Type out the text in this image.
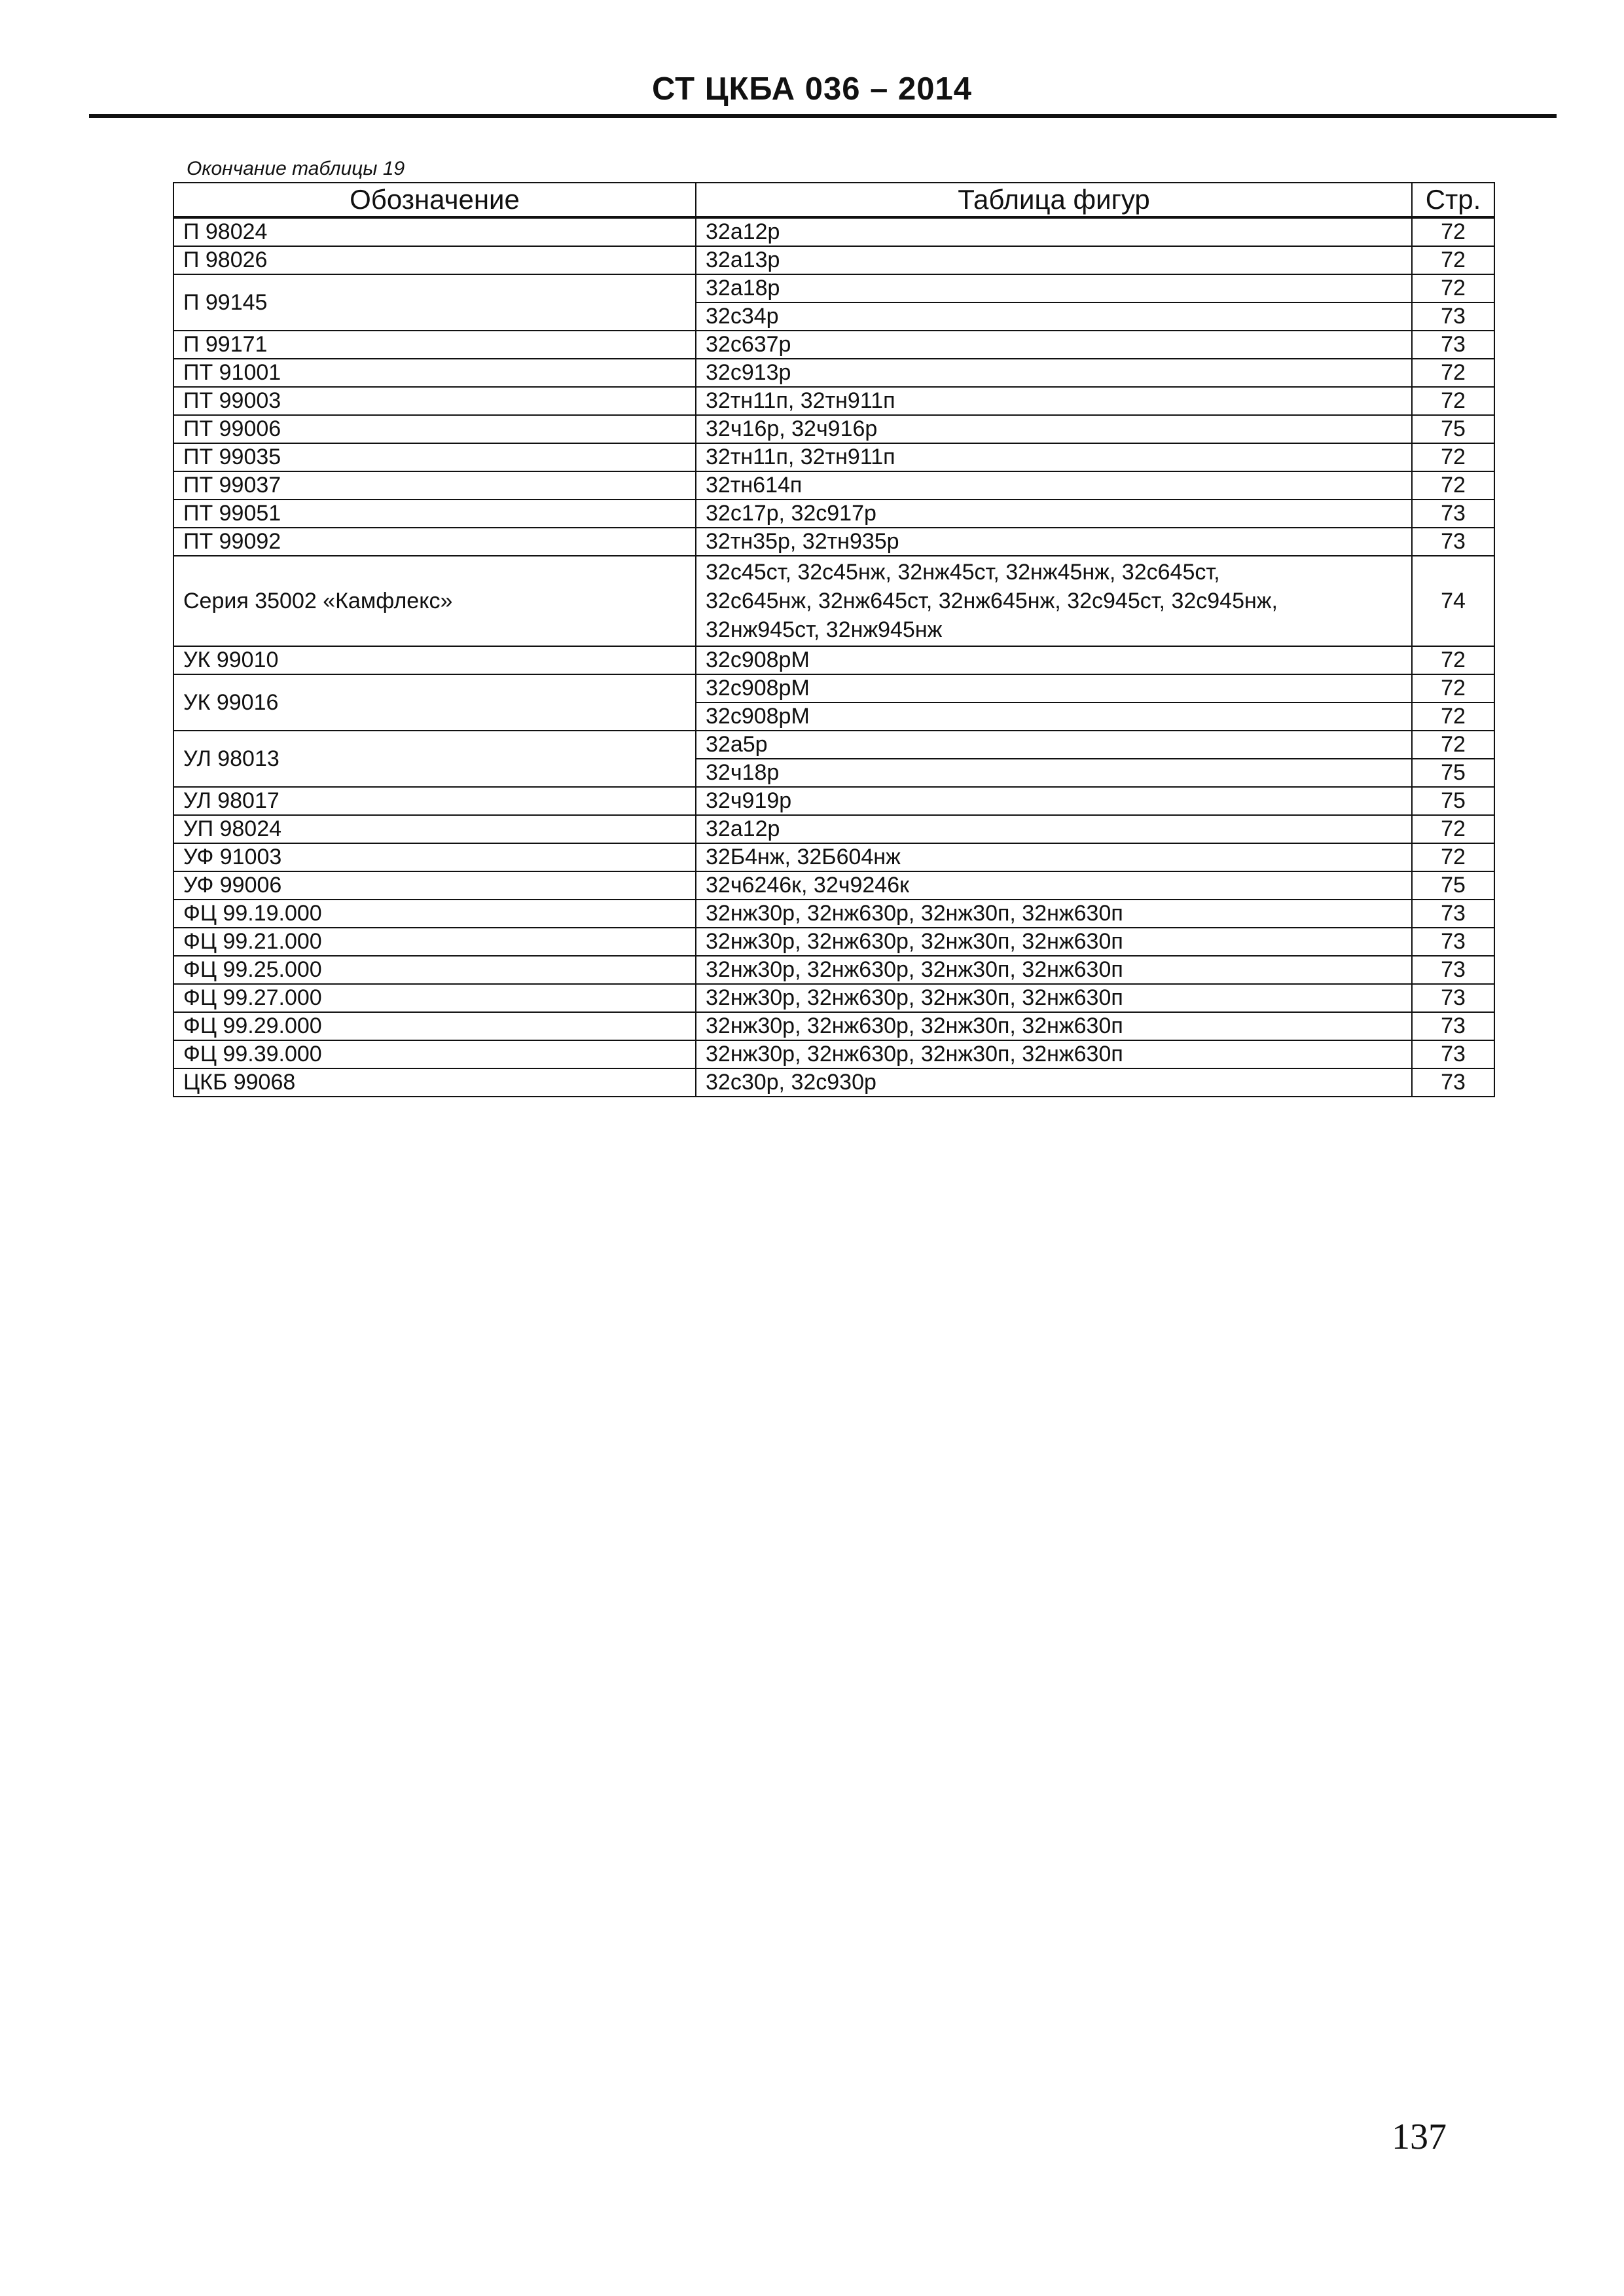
СТ ЦКБА 036 – 2014
Окончание таблицы 19
Обозначение	Таблица фигур	Стр.
П 98024	32а12р	72
П 98026	32а13р	72
П 99145	32а18р	72
	32с34р	73
П 99171	32с637р	73
ПТ 91001	32с913р	72
ПТ 99003	32тн11п, 32тн911п	72
ПТ 99006	32ч16р, 32ч916р	75
ПТ 99035	32тн11п, 32тн911п	72
ПТ 99037	32тн614п	72
ПТ 99051	32с17р, 32с917р	73
ПТ 99092	32тн35р, 32тн935р	73
Серия 35002 «Камфлекс»	32с45ст, 32с45нж, 32нж45ст, 32нж45нж, 32с645ст,
32с645нж, 32нж645ст, 32нж645нж, 32с945ст, 32с945нж,
32нж945ст, 32нж945нж	74
УК 99010	32с908рМ	72
УК 99016	32с908рМ	72
	32с908рМ	72
УЛ 98013	32а5р	72
	32ч18р	75
УЛ 98017	32ч919р	75
УП 98024	32а12р	72
УФ 91003	32Б4нж, 32Б604нж	72
УФ 99006	32ч6246к, 32ч9246к	75
ФЦ 99.19.000	32нж30р, 32нж630р, 32нж30п, 32нж630п	73
ФЦ 99.21.000	32нж30р, 32нж630р, 32нж30п, 32нж630п	73
ФЦ 99.25.000	32нж30р, 32нж630р, 32нж30п, 32нж630п	73
ФЦ 99.27.000	32нж30р, 32нж630р, 32нж30п, 32нж630п	73
ФЦ 99.29.000	32нж30р, 32нж630р, 32нж30п, 32нж630п	73
ФЦ 99.39.000	32нж30р, 32нж630р, 32нж30п, 32нж630п	73
ЦКБ 99068	32с30р, 32с930р	73
137
